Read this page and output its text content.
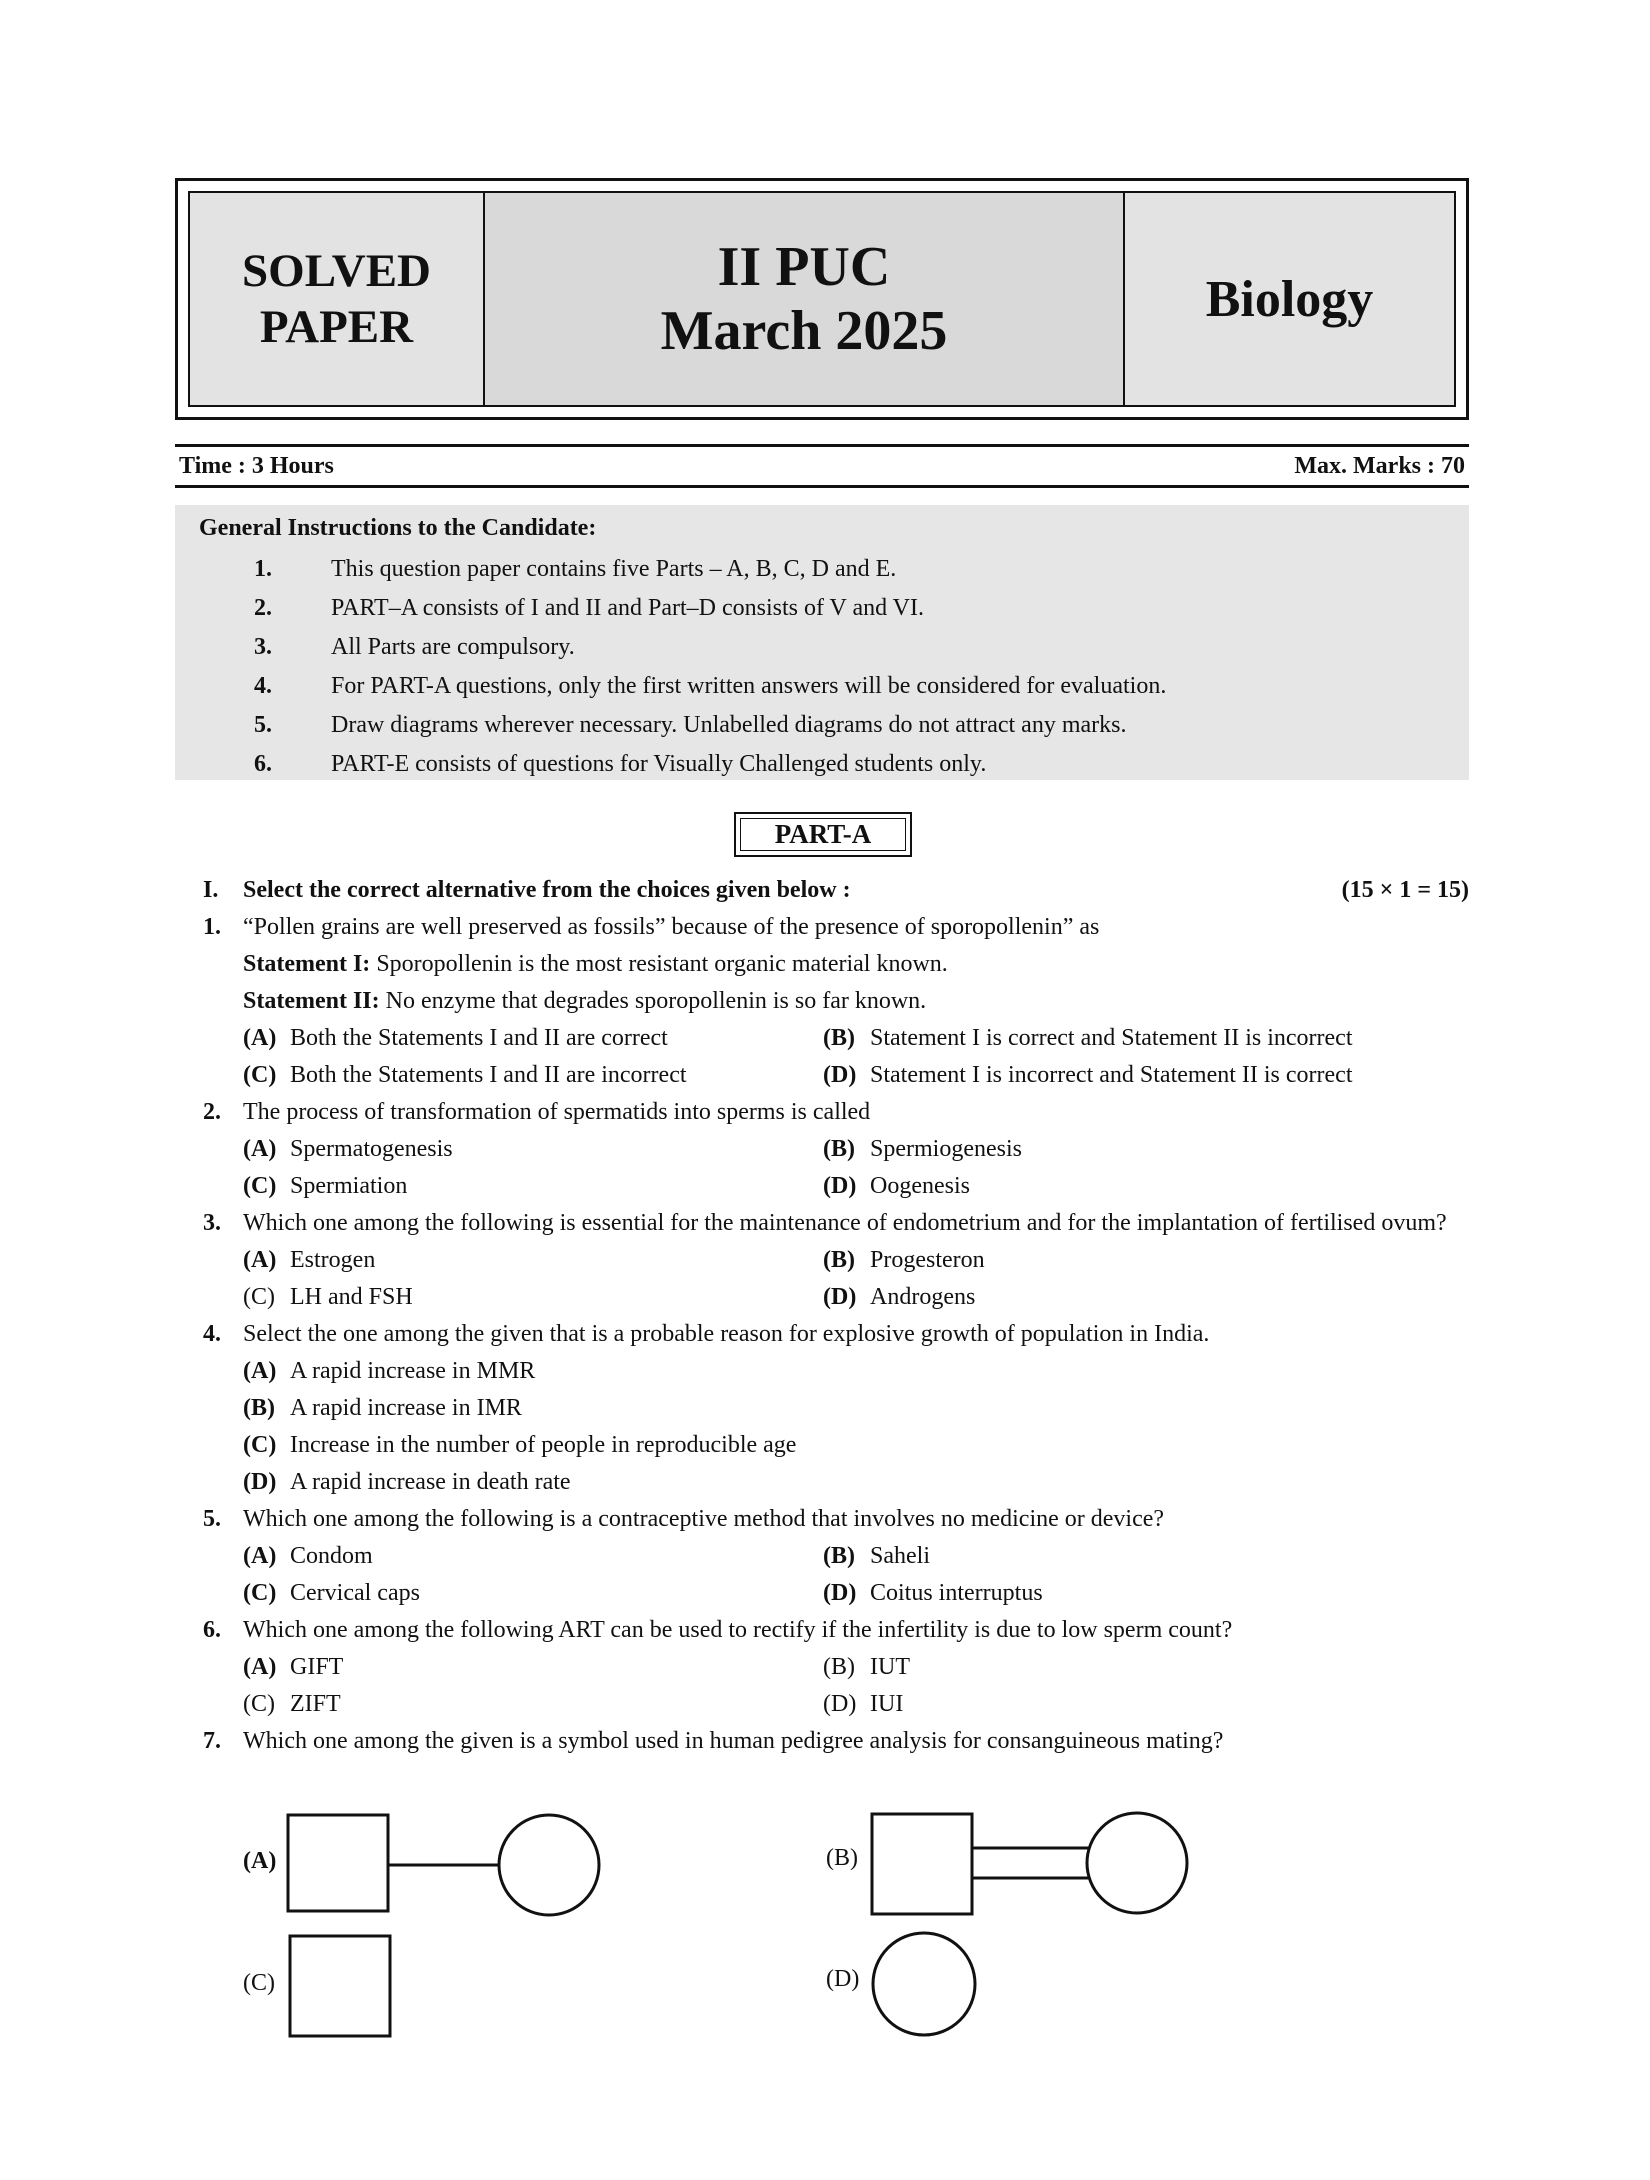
SOLVED
PAPER
II PUC
March 2025
Biology
Time : 3 Hours	Max. Marks : 70
General Instructions to the Candidate:
1.	This question paper contains five Parts – A, B, C, D and E.
2.	PART–A consists of I and II and Part–D consists of V and VI.
3.	All Parts are compulsory.
4.	For PART-A questions, only the first written answers will be considered for evaluation.
5.	Draw diagrams wherever necessary. Unlabelled diagrams do not attract any marks.
6.	PART-E consists of questions for Visually Challenged students only.
PART-A
I.	Select the correct alternative from the choices given below :	(15 × 1 = 15)
1. “Pollen grains are well preserved as fossils” because of the presence of sporopollenin” as
Statement I: Sporopollenin is the most resistant organic material known.
Statement II: No enzyme that degrades sporopollenin is so far known.
(A) Both the Statements I and II are correct	(B) Statement I is correct and Statement II is incorrect
(C) Both the Statements I and II are incorrect	(D) Statement I is incorrect and Statement II is correct
2. The process of transformation of spermatids into sperms is called
(A) Spermatogenesis	(B) Spermiogenesis
(C) Spermiation	(D) Oogenesis
3. Which one among the following is essential for the maintenance of endometrium and for the implantation of fertilised ovum?
(A) Estrogen	(B) Progesteron
(C) LH and FSH	(D) Androgens
4. Select the one among the given that is a probable reason for explosive growth of population in India.
(A) A rapid increase in MMR
(B) A rapid increase in IMR
(C) Increase in the number of people in reproducible age
(D) A rapid increase in death rate
5. Which one among the following is a contraceptive method that involves no medicine or device?
(A) Condom	(B) Saheli
(C) Cervical caps	(D) Coitus interruptus
6. Which one among the following ART can be used to rectify if the infertility is due to low sperm count?
(A) GIFT	(B) IUT
(C) ZIFT	(D) IUI
7. Which one among the given is a symbol used in human pedigree analysis for consanguineous mating?
(A)	(B)
(C)	(D)
